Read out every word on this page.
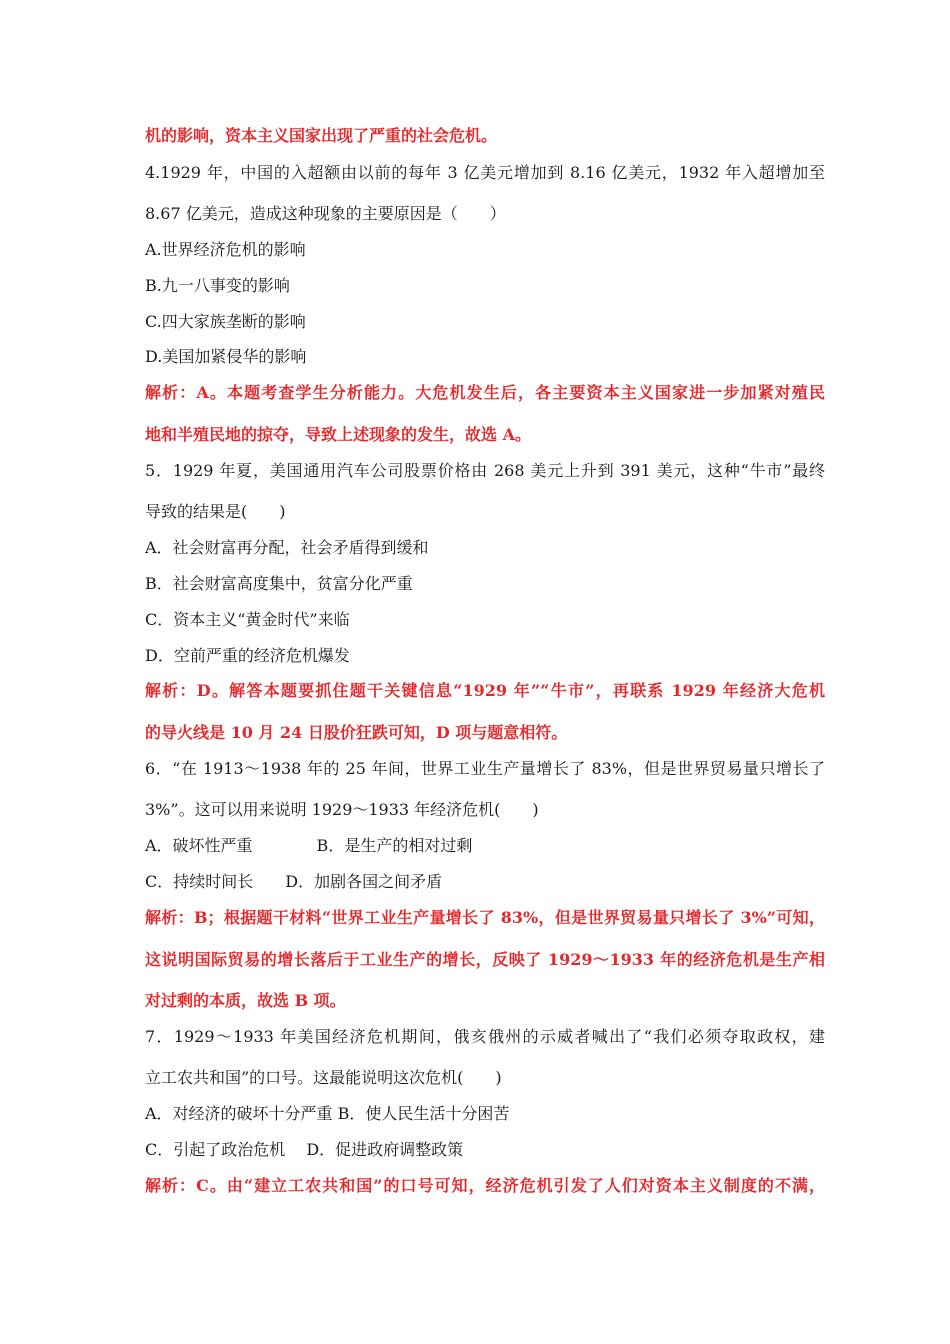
机的影响，资本主义国家出现了严重的社会危机。
4.1929 年，中国的入超额由以前的每年 3 亿美元增加到 8.16 亿美元，1932 年入超增加至
8.67 亿美元，造成这种现象的主要原因是（　　）
A.世界经济危机的影响
B.九一八事变的影响
C.四大家族垄断的影响
D.美国加紧侵华的影响
解析：A。本题考查学生分析能力。大危机发生后，各主要资本主义国家进一步加紧对殖民
地和半殖民地的掠夺，导致上述现象的发生，故选 A。
5．1929 年夏，美国通用汽车公司股票价格由 268 美元上升到 391 美元，这种“牛市”最终
导致的结果是(　　)
A．社会财富再分配，社会矛盾得到缓和
B．社会财富高度集中，贫富分化严重
C．资本主义“黄金时代”来临
D．空前严重的经济危机爆发
解析：D。解答本题要抓住题干关键信息“1929 年”“牛市”，再联系 1929 年经济大危机
的导火线是 10 月 24 日股价狂跌可知，D 项与题意相符。
6．“在 1913～1938 年的 25 年间，世界工业生产量增长了 83%，但是世界贸易量只增长了
3%”。这可以用来说明 1929～1933 年经济危机(　　)
A．破坏性严重　　　　B．是生产的相对过剩
C．持续时间长　　D．加剧各国之间矛盾
解析：B；根据题干材料“世界工业生产量增长了 83%，但是世界贸易量只增长了 3%”可知，
这说明国际贸易的增长落后于工业生产的增长，反映了 1929～1933 年的经济危机是生产相
对过剩的本质，故选 B 项。
7．1929～1933 年美国经济危机期间，俄亥俄州的示威者喊出了“我们必须夺取政权，建
立工农共和国”的口号。这最能说明这次危机(　　)
A．对经济的破坏十分严重 B．使人民生活十分困苦
C．引起了政治危机　 D．促进政府调整政策
解析：C。由“建立工农共和国”的口号可知，经济危机引发了人们对资本主义制度的不满，
